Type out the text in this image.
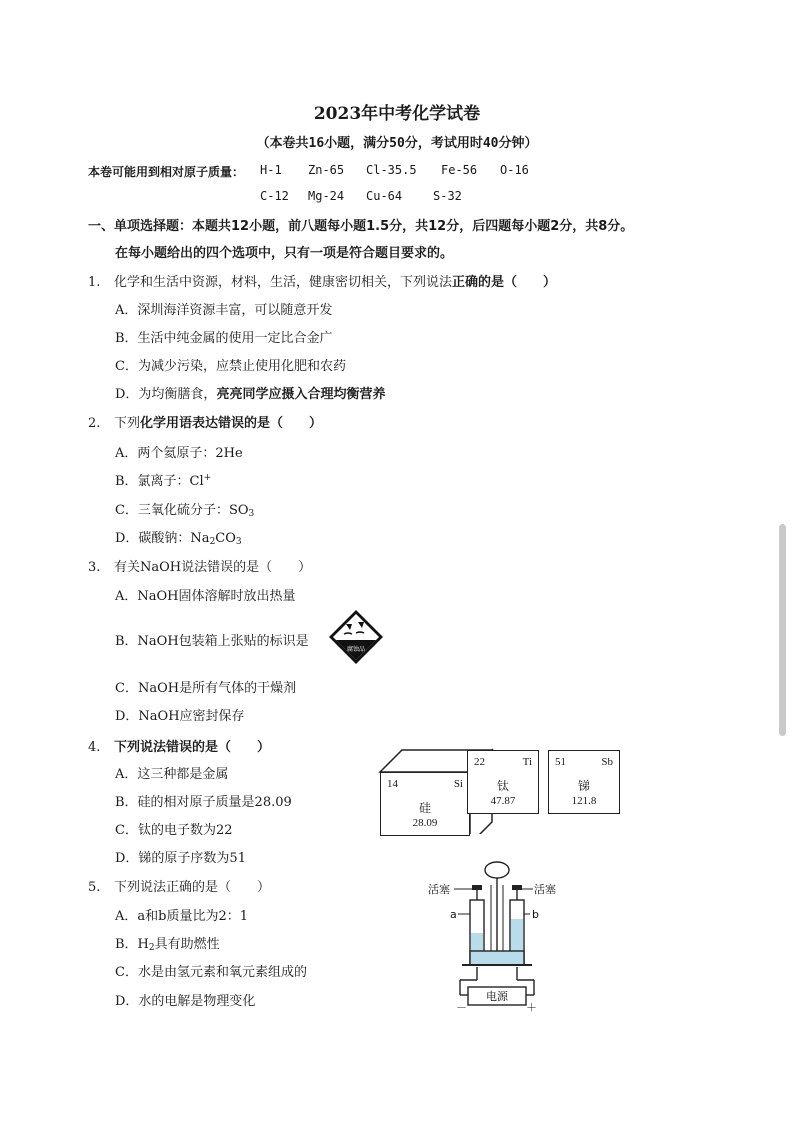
2023年中考化学试卷
（本卷共16小题，满分50分，考试用时40分钟）
本卷可能用到相对原子质量： H-1 Zn-65 Cl-35.5 Fe-56 O-16
C-12 Mg-24 Cu-64	S-32
一、单项选择题：本题共12小题，前八题每小题1.5分，共12分，后四题每小题2分，共8分。
在每小题给出的四个选项中，只有一项是符合题目要求的。
1. 化学和生活中资源，材料，生活，健康密切相关，下列说法正确的是（　　）
A．深圳海洋资源丰富，可以随意开发
B．生活中纯金属的使用一定比合金广
C．为减少污染，应禁止使用化肥和农药
D．为均衡膳食，亮亮同学应摄入合理均衡营养
2. 下列化学用语表达错误的是（　　）
A．两个氦原子：2He
B．氯离子：Cl+
C．三氧化硫分子：$SO_3$
D．碳酸钠：$Na_2CO_3$
3. 有关NaOH说法错误的是（　　）
A．NaOH固体溶解时放出热量
B．NaOH包装箱上张贴的标识是
腐蚀品
C．NaOH是所有气体的干燥剂
D．NaOH应密封保存
4. 下列说法错误的是（　　）
A．这三种都是金属
B．硅的相对原子质量是28.09
C．钛的电子数为22
D．锑的原子序数为51
14	Si
硅
28.09
22	Ti
钛
47.87
51	Sb
锑
121.8
5. 下列说法正确的是（　　）
A．a和b质量比为2：1
B．$H_2$具有助燃性
C．水是由氢元素和氧元素组成的
D．水的电解是物理变化	电源
－	＋
活塞	活塞
a	b
